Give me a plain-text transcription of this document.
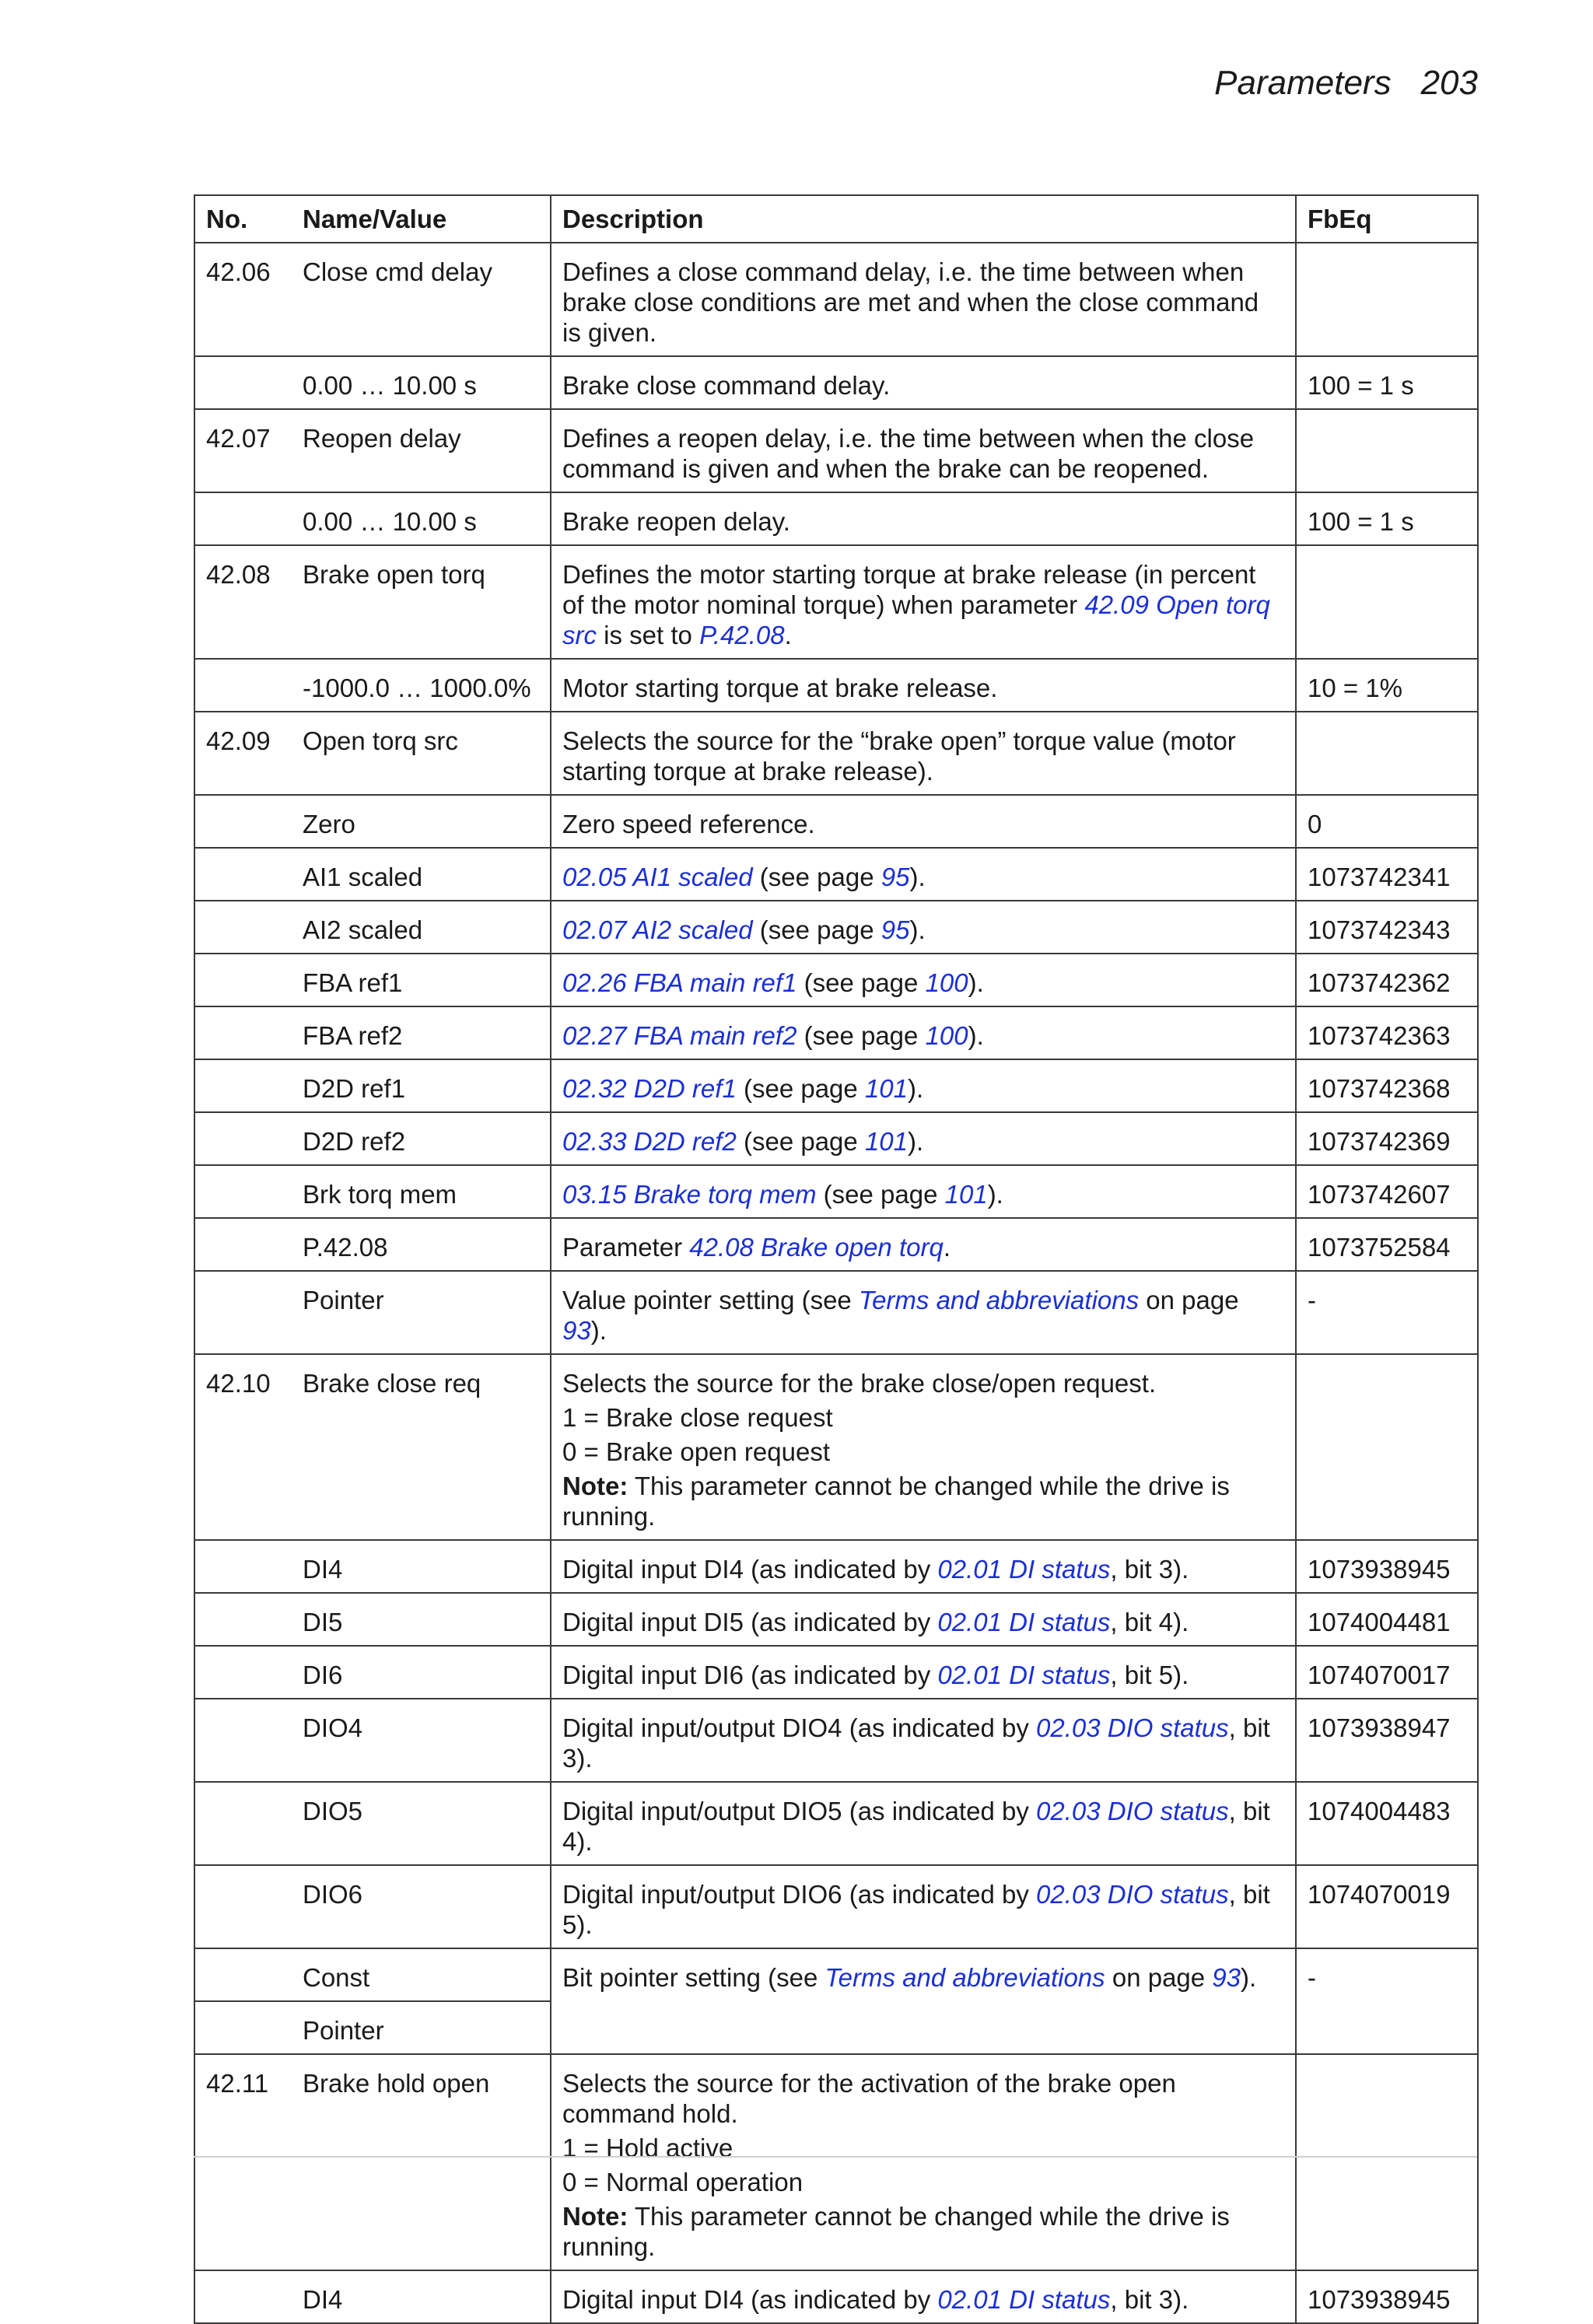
Parameters 203
No.	Name/Value	Description	FbEq
42.06	Close cmd delay	Defines a close command delay, i.e. the time between when brake close conditions are met and when the close command is given.	

	0.00 … 10.00 s	Brake close command delay.	100 = 1 s
42.07	Reopen delay	Defines a reopen delay, i.e. the time between when the close command is given and when the brake can be reopened.	

	0.00 … 10.00 s	Brake reopen delay.	100 = 1 s
42.08	Brake open torq	Defines the motor starting torque at brake release (in percent of the motor nominal torque) when parameter 42.09 Open torq src is set to P.42.08.	

	-1000.0 … 1000.0%	Motor starting torque at brake release.	10 = 1%
42.09	Open torq src	Selects the source for the “brake open” torque value (motor starting torque at brake release).	

	Zero	Zero speed reference.	0
	AI1 scaled	02.05 AI1 scaled (see page 95).	1073742341
	AI2 scaled	02.07 AI2 scaled (see page 95).	1073742343
	FBA ref1	02.26 FBA main ref1 (see page 100).	1073742362
	FBA ref2	02.27 FBA main ref2 (see page 100).	1073742363
	D2D ref1	02.32 D2D ref1 (see page 101).	1073742368
	D2D ref2	02.33 D2D ref2 (see page 101).	1073742369
	Brk torq mem	03.15 Brake torq mem (see page 101).	1073742607
	P.42.08	Parameter 42.08 Brake open torq.	1073752584
	Pointer	Value pointer setting (see Terms and abbreviations on page 93).	-
42.10	Brake close req	Selects the source for the brake close/open request.

1 = Brake close request

0 = Brake open request

Note: This parameter cannot be changed while the drive is running.	

	DI4	Digital input DI4 (as indicated by 02.01 DI status, bit 3).	1073938945
	DI5	Digital input DI5 (as indicated by 02.01 DI status, bit 4).	1074004481
	DI6	Digital input DI6 (as indicated by 02.01 DI status, bit 5).	1074070017
	DIO4	Digital input/output DIO4 (as indicated by 02.03 DIO status, bit 3).	1073938947
	DIO5	Digital input/output DIO5 (as indicated by 02.03 DIO status, bit 4).	1074004483
	DIO6	Digital input/output DIO6 (as indicated by 02.03 DIO status, bit 5).	1074070019
	Const	Bit pointer setting (see Terms and abbreviations on page 93).	-
	Pointer		
42.11	Brake hold open	Selects the source for the activation of the brake open command hold.

1 = Hold active

0 = Normal operation

Note: This parameter cannot be changed while the drive is running.	

	DI4	Digital input DI4 (as indicated by 02.01 DI status, bit 3).	1073938945
